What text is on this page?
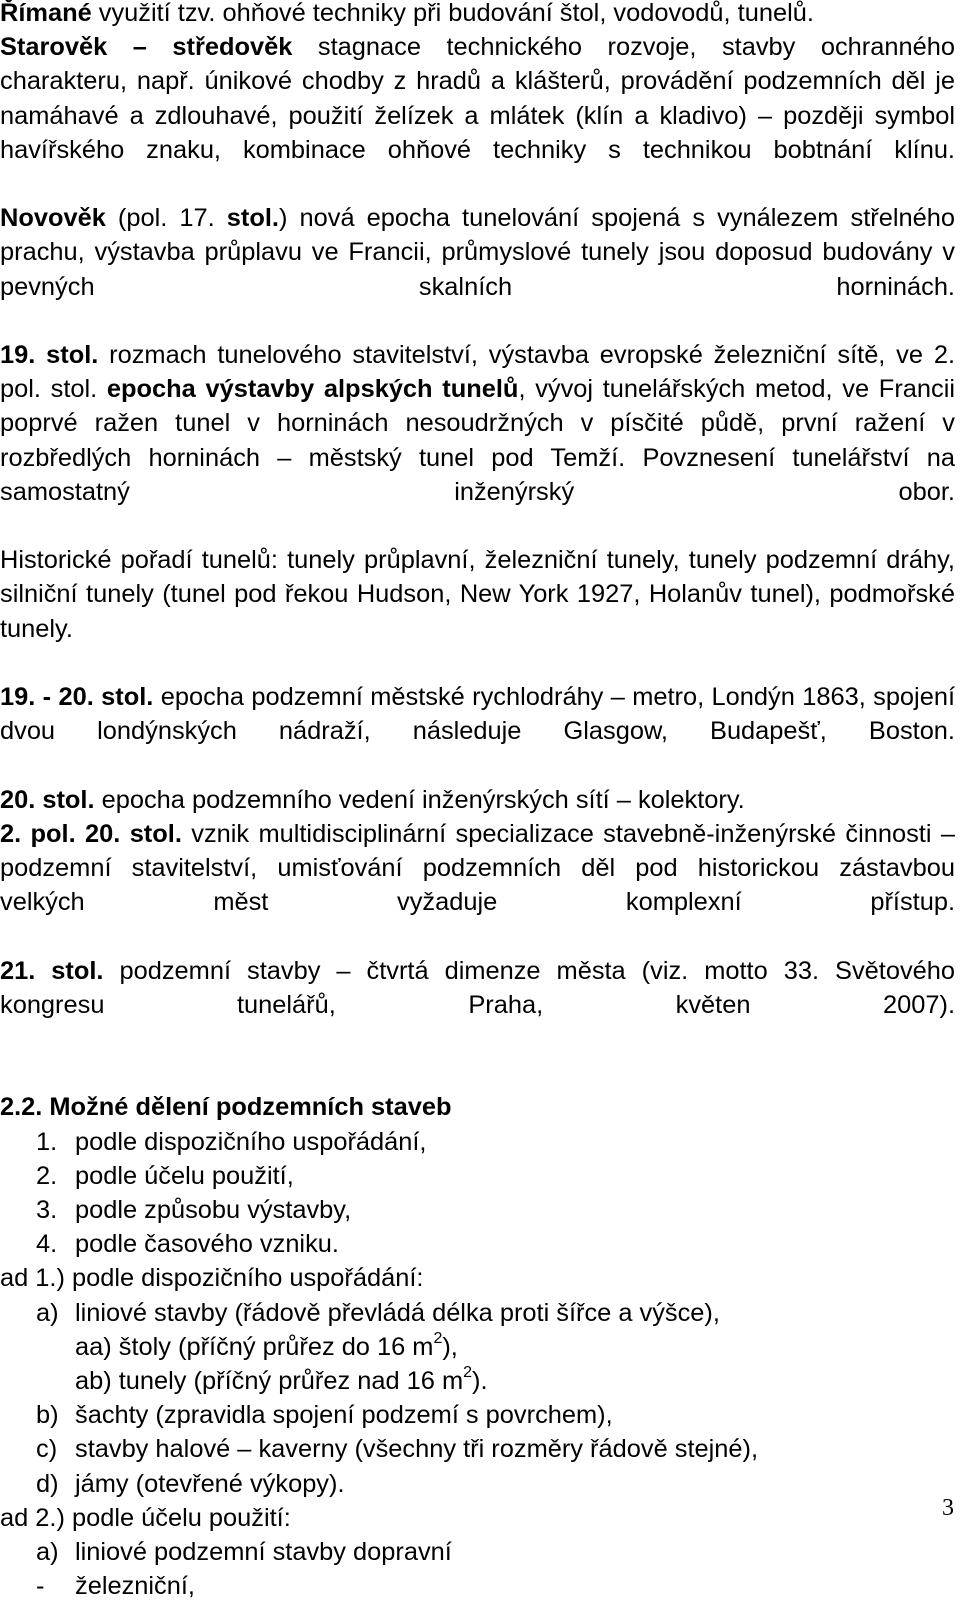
Římané využití tzv. ohňové techniky při budování štol, vodovodů, tunelů.

Starověk – středověk stagnace technického rozvoje, stavby ochranného charakteru, např. únikové chodby z hradů a klášterů, provádění podzemních děl je namáhavé a zdlouhavé, použití želízek a mlátek (klín a kladivo) – později symbol havířského znaku, kombinace ohňové techniky s technikou bobtnání klínu.

Novověk (pol. 17. stol.) nová epocha tunelování spojená s vynálezem střelného prachu, výstavba průplavu ve Francii, průmyslové tunely jsou doposud budovány v pevných skalních horninách.

19. stol. rozmach tunelového stavitelství, výstavba evropské železniční sítě, ve 2. pol. stol. epocha výstavby alpských tunelů, vývoj tunelářských metod, ve Francii poprvé ražen tunel v horninách nesoudržných v písčité půdě, první ražení v rozbředlých horninách – městský tunel pod Temží. Povznesení tunelářství na samostatný inženýrský obor.

Historické pořadí tunelů: tunely průplavní, železniční tunely, tunely podzemní dráhy, silniční tunely (tunel pod řekou Hudson, New York 1927, Holanův tunel), podmořské tunely.

19. - 20. stol. epocha podzemní městské rychlodráhy – metro, Londýn 1863, spojení dvou londýnských nádraží, následuje Glasgow, Budapešť, Boston.

20. stol. epocha podzemního vedení inženýrských sítí – kolektory.

2. pol. 20. stol. vznik multidisciplinární specializace stavebně-inženýrské činnosti – podzemní stavitelství, umisťování podzemních děl pod historickou zástavbou velkých měst vyžaduje komplexní přístup.

21. stol. podzemní stavby – čtvrtá dimenze města (viz. motto 33. Světového kongresu tunelářů, Praha, květen 2007).

2.2. Možné dělení podzemních staveb

1. podle dispozičního uspořádání,
2. podle účelu použití,
3. podle způsobu výstavby,
4. podle časového vzniku.

ad 1.) podle dispozičního uspořádání:

a) liniové stavby (řádově převládá délka proti šířce a výšce),

aa) štoly (příčný průřez do 16 $m^2$),

ab) tunely (příčný průřez nad 16 $m^2$).

b) šachty (zpravidla spojení podzemí s povrchem),
c) stavby halové – kaverny (všechny tři rozměry řádově stejné),
d) jámy (otevřené výkopy).

ad 2.) podle účelu použití:

a) liniové podzemní stavby dopravní
- železniční,
3
